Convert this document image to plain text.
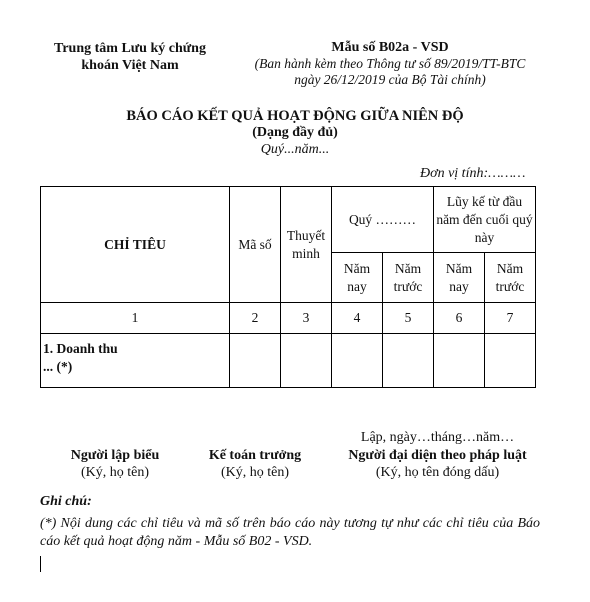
Trung tâm Lưu ký chứng
khoán Việt Nam
Mẫu số B02a - VSD
(Ban hành kèm theo Thông tư số 89/2019/TT-BTC
ngày 26/12/2019 của Bộ Tài chính)
BÁO CÁO KẾT QUẢ HOẠT ĐỘNG GIỮA NIÊN ĐỘ
(Dạng đầy đủ)
Quý...năm...
Đơn vị tính:………
CHỈ TIÊU	Mã số	Thuyết minh	Quý ………		Lũy kế từ đầu năm đến cuối quý này	
			Năm nay	Năm trước	Năm nay	Năm trước
1	2	3	4	5	6	7

1. Doanh thu
... (*)						

Lập, ngày…tháng…năm…
Người lập biểu
(Ký, họ tên)
Kế toán trưởng
(Ký, họ tên)
Người đại diện theo pháp luật
(Ký, họ tên đóng dấu)
Ghi chú:
(*) Nội dung các chỉ tiêu và mã số trên báo cáo này tương tự như các chỉ tiêu của Báo cáo kết quả hoạt động năm - Mẫu số B02 - VSD.
